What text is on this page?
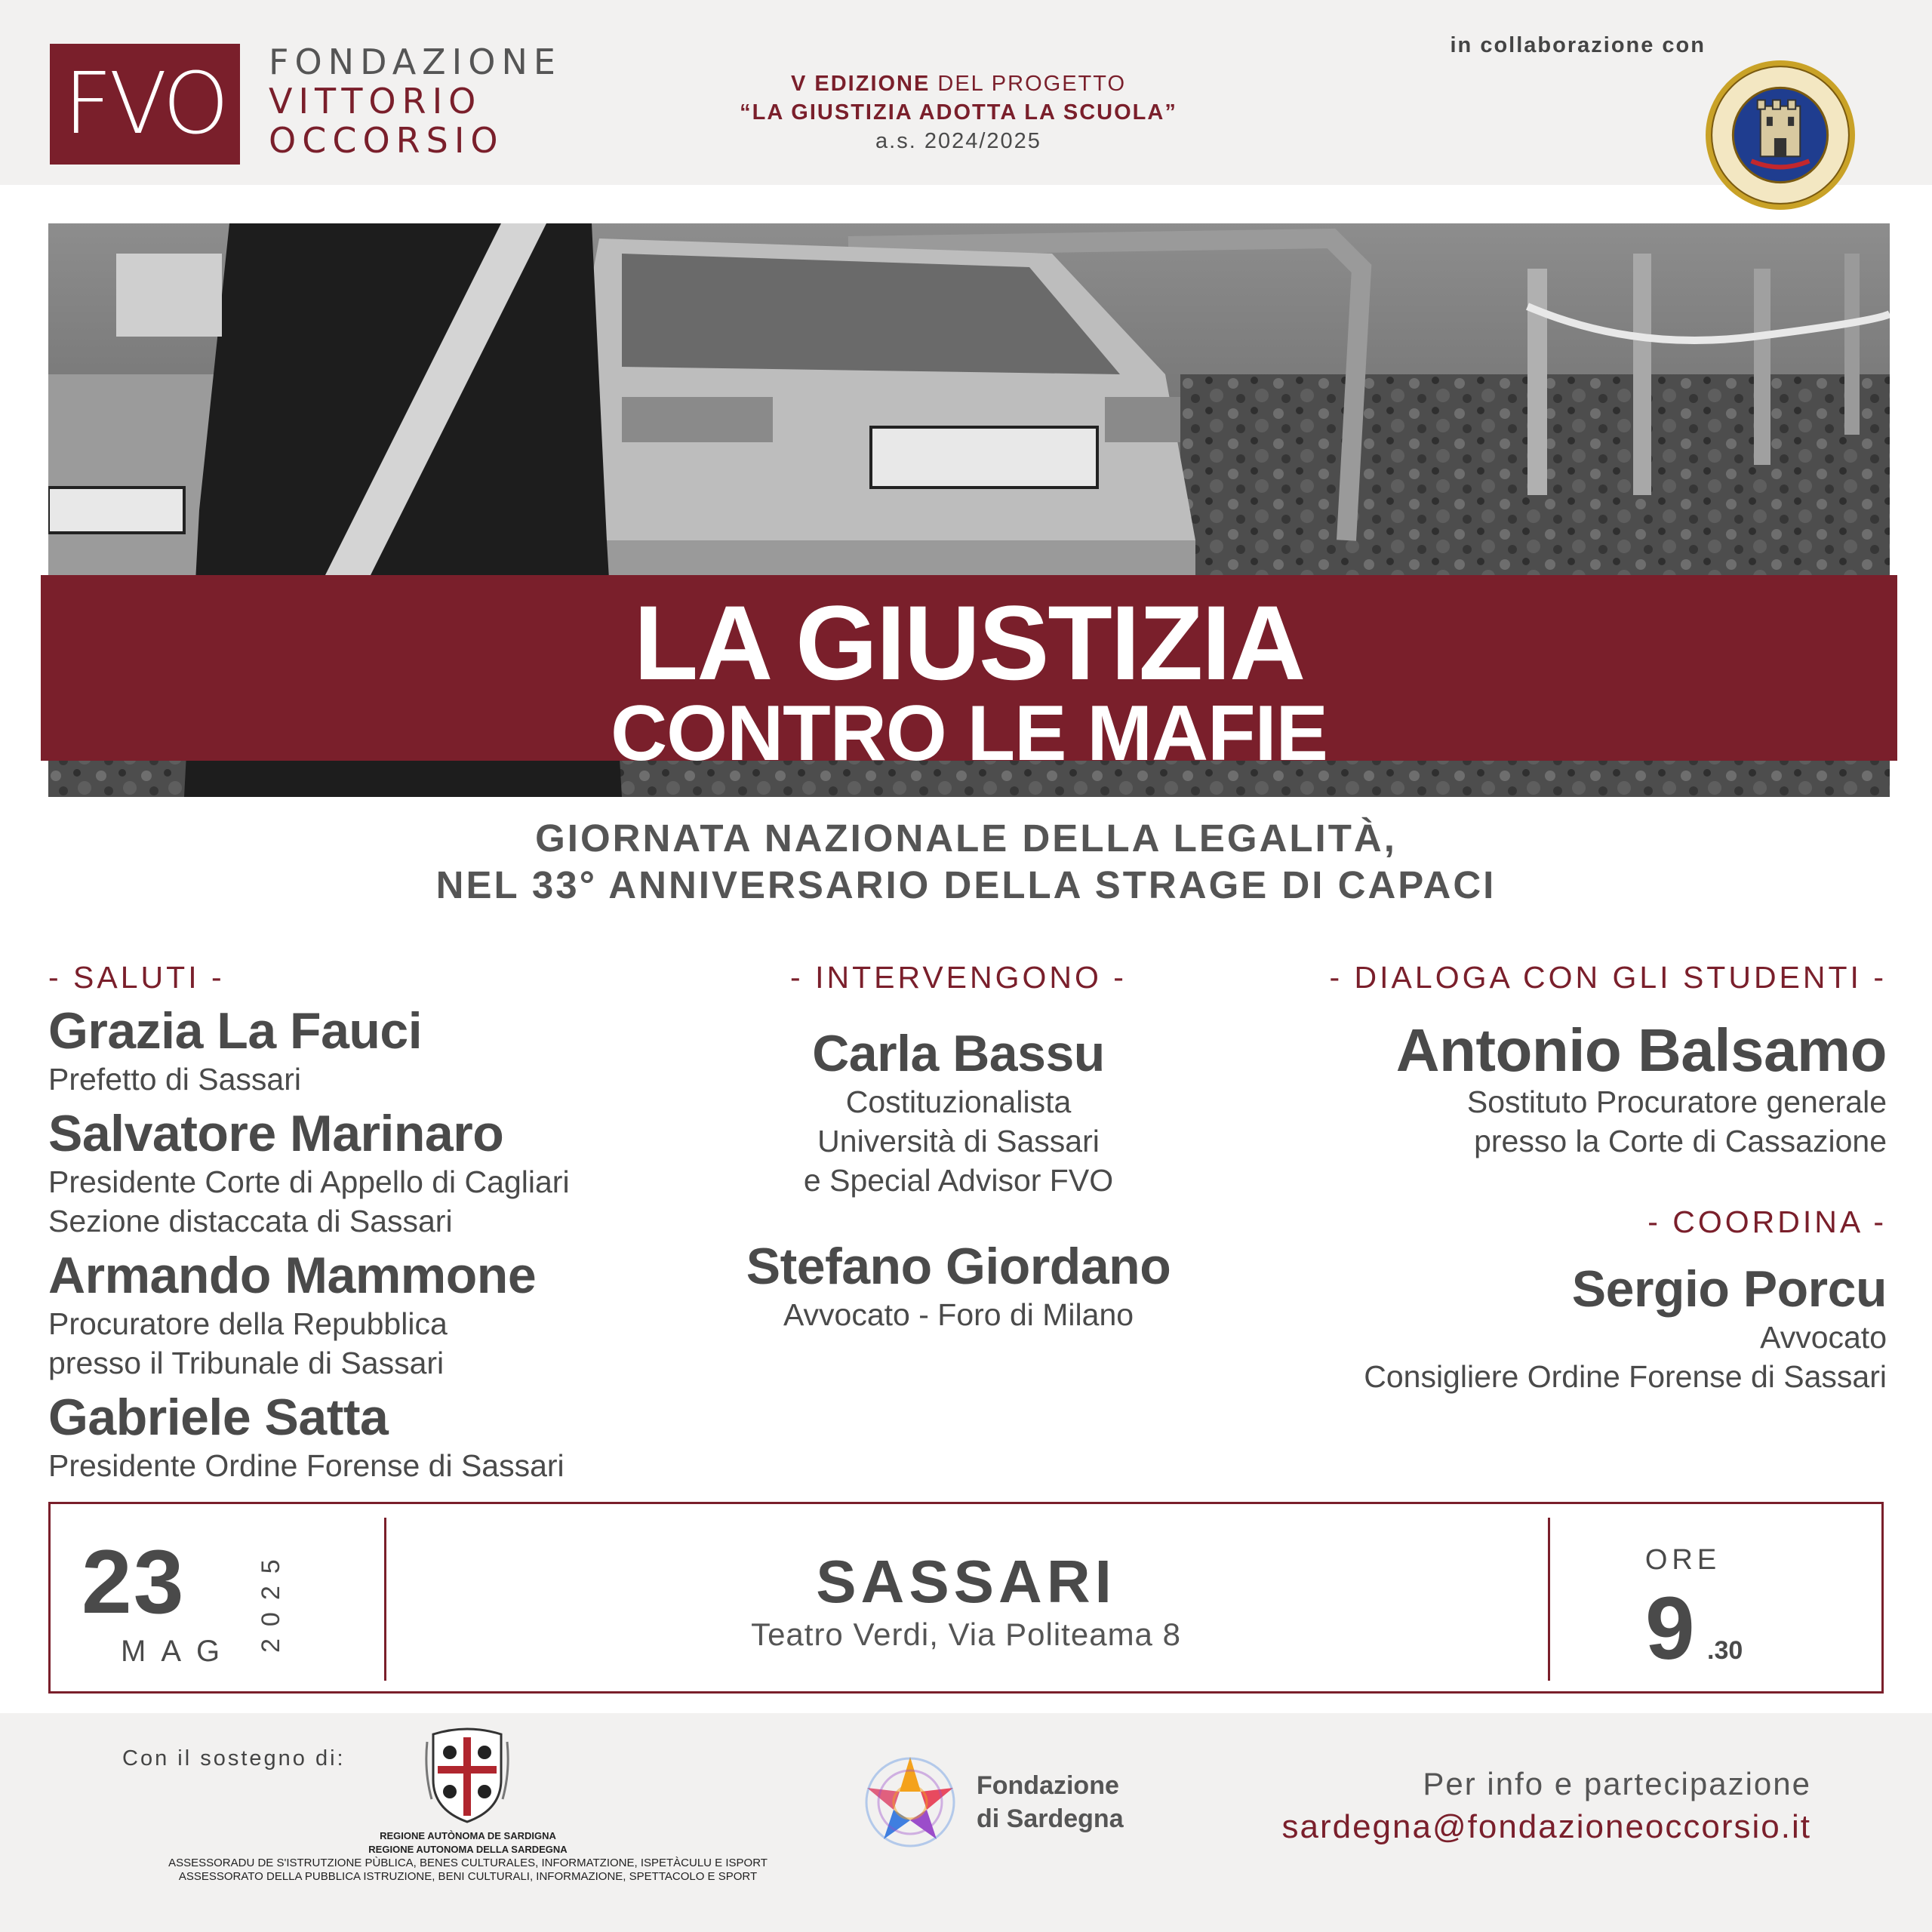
FVO FONDAZIONE
VITTORIO
OCCORSIO
V EDIZIONE DEL PROGETTO
“LA GIUSTIZIA ADOTTA LA SCUOLA”
a.s. 2024/2025
in collaborazione con
LA GIUSTIZIA
CONTRO LE MAFIE
GIORNATA NAZIONALE DELLA LEGALITÀ,
NEL 33° ANNIVERSARIO DELLA STRAGE DI CAPACI
- SALUTI -
Grazia La Fauci
Prefetto di Sassari
Salvatore Marinaro
Presidente Corte di Appello di Cagliari
Sezione distaccata di Sassari
Armando Mammone
Procuratore della Repubblica
presso il Tribunale di Sassari
Gabriele Satta
Presidente Ordine Forense di Sassari
- INTERVENGONO -
Carla Bassu
Costituzionalista
Università di Sassari
e Special Advisor FVO
Stefano Giordano
Avvocato - Foro di Milano
- DIALOGA CON GLI STUDENTI -
Antonio Balsamo
Sostituto Procuratore generale
presso la Corte di Cassazione
- COORDINA -
Sergio Porcu
Avvocato
Consigliere Ordine Forense di Sassari
23
MAG 2025	SASSARI
Teatro Verdi, Via Politeama 8
ORE
9 .30
Con il sostegno di:
REGIONE AUTÒNOMA DE SARDIGNA
REGIONE AUTONOMA DELLA SARDEGNA
ASSESSORADU DE S'ISTRUTZIONE PÙBLICA, BENES CULTURALES, INFORMATZIONE, ISPETÀCULU E ISPORT
ASSESSORATO DELLA PUBBLICA ISTRUZIONE, BENI CULTURALI, INFORMAZIONE, SPETTACOLO E SPORT
Fondazione
di Sardegna
Per info e partecipazione
sardegna@fondazioneoccorsio.it
